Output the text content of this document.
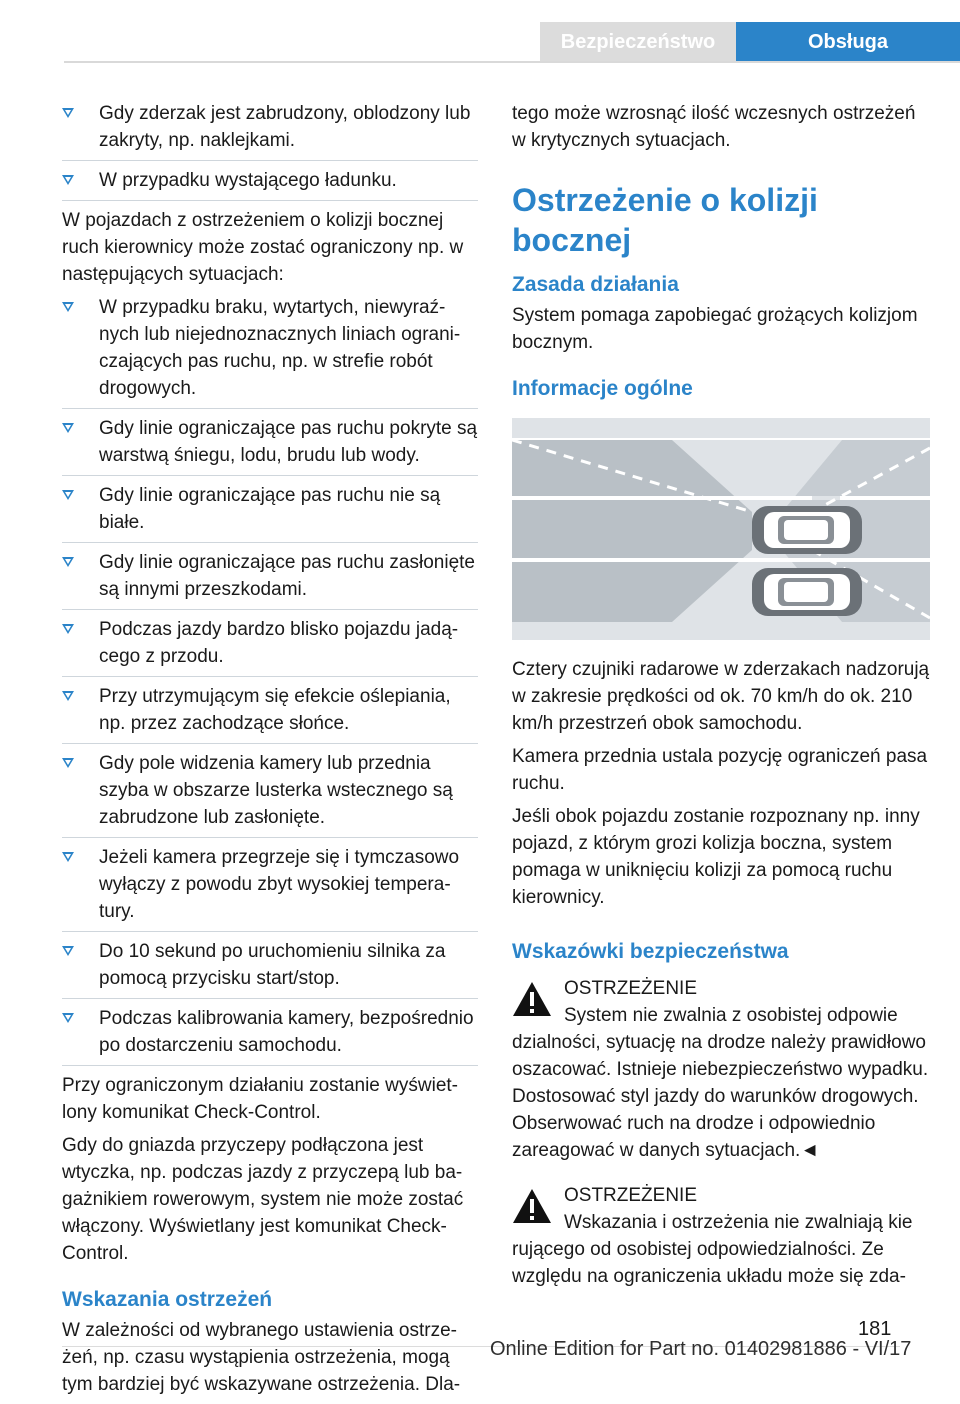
Bezpieczeństwo	Obsługa
Gdy zderzak jest zabrudzony, oblodzony lub zakryty, np. naklejkami.
W przypadku wystającego ładunku.
W pojazdach z ostrzeżeniem o kolizji bocznej ruch kierownicy może zostać ograniczony np. w następujących sytuacjach:
W przypadku braku, wytartych, niewyraźnych lub niejednoznacznych liniach ograniczających pas ruchu, np. w strefie robót drogowych.
Gdy linie ograniczające pas ruchu pokryte są warstwą śniegu, lodu, brudu lub wody.
Gdy linie ograniczające pas ruchu nie są białe.
Gdy linie ograniczające pas ruchu zasłonięte są innymi przeszkodami.
Podczas jazdy bardzo blisko pojazdu jadącego z przodu.
Przy utrzymującym się efekcie oślepiania, np. przez zachodzące słońce.
Gdy pole widzenia kamery lub przednia szyba w obszarze lusterka wstecznego są zabrudzone lub zasłonięte.
Jeżeli kamera przegrzeje się i tymczasowo wyłączy z powodu zbyt wysokiej temperatury.
Do 10 sekund po uruchomieniu silnika za pomocą przycisku start/stop.
Podczas kalibrowania kamery, bezpośrednio po dostarczeniu samochodu.
Przy ograniczonym działaniu zostanie wyświetlony komunikat Check-Control.
Gdy do gniazda przyczepy podłączona jest wtyczka, np. podczas jazdy z przyczepą lub bagażnikiem rowerowym, system nie może zostać włączony. Wyświetlany jest komunikat Check-Control.
Wskazania ostrzeżeń
W zależności od wybranego ustawienia ostrzeżeń, np. czasu wystąpienia ostrzeżenia, mogą tym bardziej być wskazywane ostrzeżenia. Dla-
tego może wzrosnąć ilość wczesnych ostrzeżeń w krytycznych sytuacjach.
Ostrzeżenie o kolizji bocznej
Zasada działania
System pomaga zapobiegać grożących kolizjom bocznym.
Informacje ogólne
Cztery czujniki radarowe w zderzakach nadzorują w zakresie prędkości od ok. 70 km/h do ok. 210 km/h przestrzeń obok samochodu.
Kamera przednia ustala pozycję ograniczeń pasa ruchu.
Jeśli obok pojazdu zostanie rozpoznany np. inny pojazd, z którym grozi kolizja boczna, system pomaga w uniknięciu kolizji za pomocą ruchu kierownicy.
Wskazówki bezpieczeństwa
OSTRZEŻENIE
System nie zwalnia z osobistej odpowie
dzialności, sytuację na drodze należy prawidłowo oszacować. Istnieje niebezpieczeństwo wypadku. Dostosować styl jazdy do warunków drogowych. Obserwować ruch na drodze i odpowiednio zareagować w danych sytuacjach.◄
OSTRZEŻENIE
Wskazania i ostrzeżenia nie zwalniają kie
rującego od osobistej odpowiedzialności. Ze względu na ograniczenia układu może się zda-
181
Online Edition for Part no. 01402981886 - VI/17
